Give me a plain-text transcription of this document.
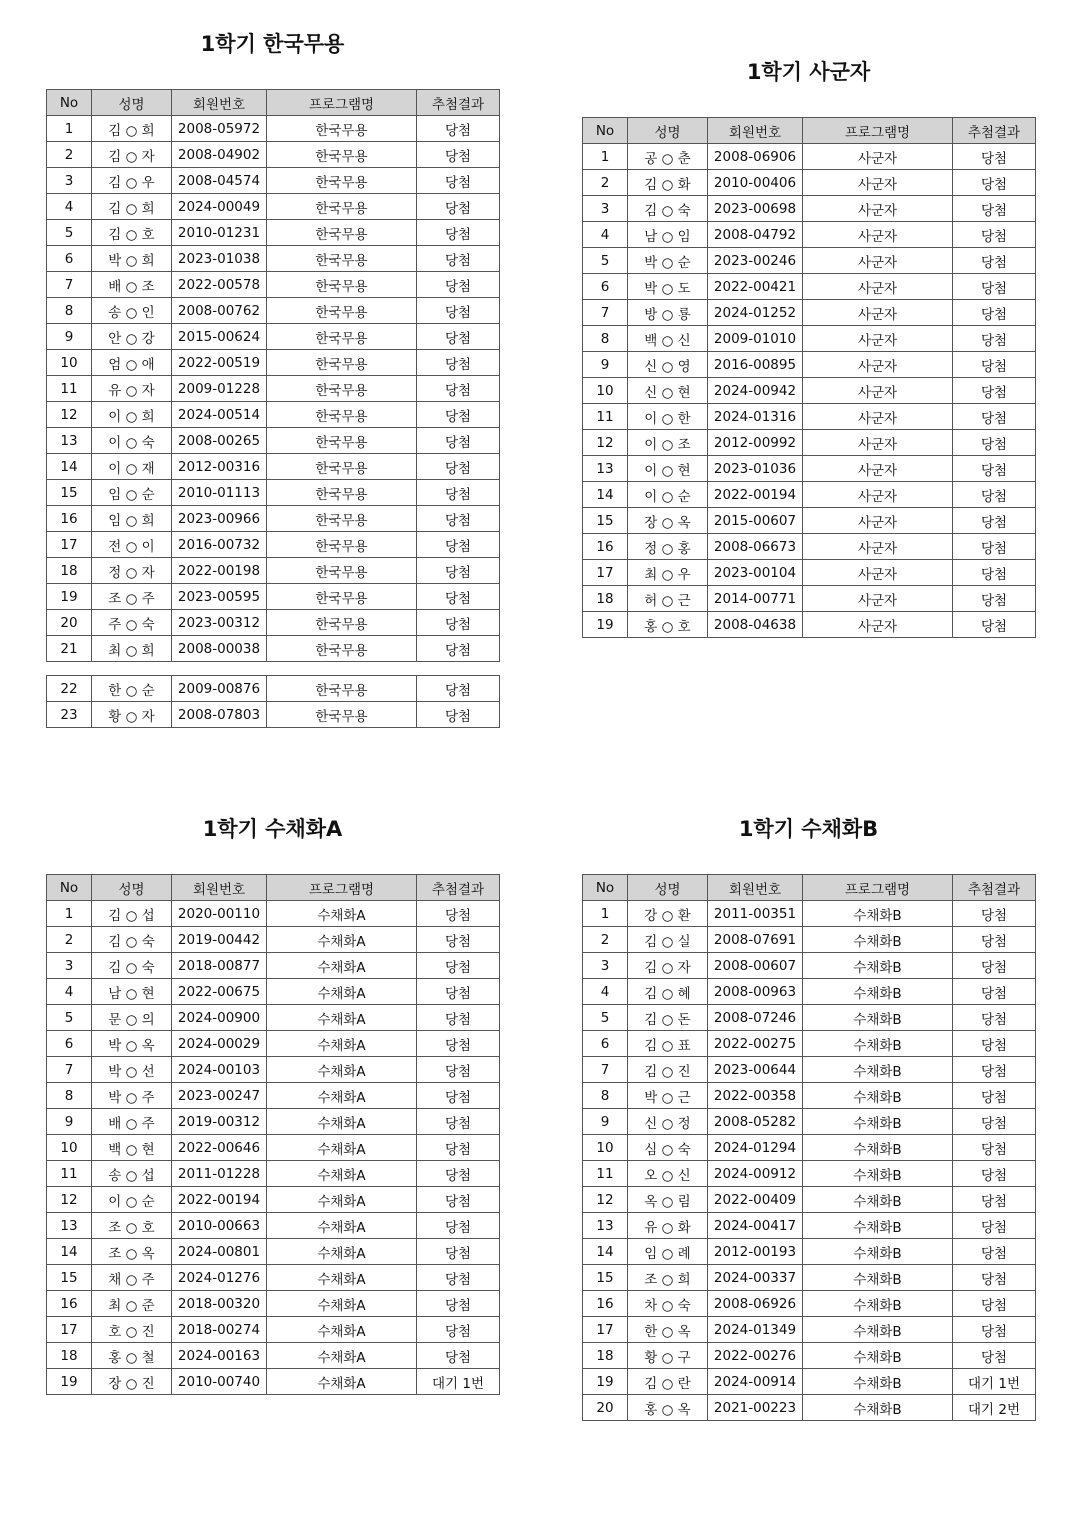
1학기 한국무용
No	성명	회원번호	프로그램명	추첨결과
1	김 ○ 희	2008-05972	한국무용	당첨
2	김 ○ 자	2008-04902	한국무용	당첨
3	김 ○ 우	2008-04574	한국무용	당첨
4	김 ○ 희	2024-00049	한국무용	당첨
5	김 ○ 호	2010-01231	한국무용	당첨
6	박 ○ 희	2023-01038	한국무용	당첨
7	배 ○ 조	2022-00578	한국무용	당첨
8	송 ○ 인	2008-00762	한국무용	당첨
9	안 ○ 강	2015-00624	한국무용	당첨
10	엄 ○ 애	2022-00519	한국무용	당첨
11	유 ○ 자	2009-01228	한국무용	당첨
12	이 ○ 희	2024-00514	한국무용	당첨
13	이 ○ 숙	2008-00265	한국무용	당첨
14	이 ○ 재	2012-00316	한국무용	당첨
15	임 ○ 순	2010-01113	한국무용	당첨
16	임 ○ 희	2023-00966	한국무용	당첨
17	전 ○ 이	2016-00732	한국무용	당첨
18	정 ○ 자	2022-00198	한국무용	당첨
19	조 ○ 주	2023-00595	한국무용	당첨
20	주 ○ 숙	2023-00312	한국무용	당첨
21	최 ○ 희	2008-00038	한국무용	당첨

22	한 ○ 순	2009-00876	한국무용	당첨
23	황 ○ 자	2008-07803	한국무용	당첨
1학기 사군자
No	성명	회원번호	프로그램명	추첨결과
1	공 ○ 춘	2008-06906	사군자	당첨
2	김 ○ 화	2010-00406	사군자	당첨
3	김 ○ 숙	2023-00698	사군자	당첨
4	남 ○ 임	2008-04792	사군자	당첨
5	박 ○ 순	2023-00246	사군자	당첨
6	박 ○ 도	2022-00421	사군자	당첨
7	방 ○ 룡	2024-01252	사군자	당첨
8	백 ○ 신	2009-01010	사군자	당첨
9	신 ○ 영	2016-00895	사군자	당첨
10	신 ○ 현	2024-00942	사군자	당첨
11	이 ○ 한	2024-01316	사군자	당첨
12	이 ○ 조	2012-00992	사군자	당첨
13	이 ○ 현	2023-01036	사군자	당첨
14	이 ○ 순	2022-00194	사군자	당첨
15	장 ○ 옥	2015-00607	사군자	당첨
16	정 ○ 홍	2008-06673	사군자	당첨
17	최 ○ 우	2023-00104	사군자	당첨
18	허 ○ 근	2014-00771	사군자	당첨
19	홍 ○ 호	2008-04638	사군자	당첨
1학기 수채화A
No	성명	회원번호	프로그램명	추첨결과
1	김 ○ 섭	2020-00110	수채화A	당첨
2	김 ○ 숙	2019-00442	수채화A	당첨
3	김 ○ 숙	2018-00877	수채화A	당첨
4	남 ○ 현	2022-00675	수채화A	당첨
5	문 ○ 의	2024-00900	수채화A	당첨
6	박 ○ 옥	2024-00029	수채화A	당첨
7	박 ○ 선	2024-00103	수채화A	당첨
8	박 ○ 주	2023-00247	수채화A	당첨
9	배 ○ 주	2019-00312	수채화A	당첨
10	백 ○ 현	2022-00646	수채화A	당첨
11	송 ○ 섭	2011-01228	수채화A	당첨
12	이 ○ 순	2022-00194	수채화A	당첨
13	조 ○ 호	2010-00663	수채화A	당첨
14	조 ○ 옥	2024-00801	수채화A	당첨
15	채 ○ 주	2024-01276	수채화A	당첨
16	최 ○ 준	2018-00320	수채화A	당첨
17	호 ○ 진	2018-00274	수채화A	당첨
18	홍 ○ 철	2024-00163	수채화A	당첨
19	장 ○ 진	2010-00740	수채화A	대기 1번
1학기 수채화B
No	성명	회원번호	프로그램명	추첨결과
1	강 ○ 환	2011-00351	수채화B	당첨
2	김 ○ 실	2008-07691	수채화B	당첨
3	김 ○ 자	2008-00607	수채화B	당첨
4	김 ○ 혜	2008-00963	수채화B	당첨
5	김 ○ 돈	2008-07246	수채화B	당첨
6	김 ○ 표	2022-00275	수채화B	당첨
7	김 ○ 진	2023-00644	수채화B	당첨
8	박 ○ 근	2022-00358	수채화B	당첨
9	신 ○ 정	2008-05282	수채화B	당첨
10	심 ○ 숙	2024-01294	수채화B	당첨
11	오 ○ 신	2024-00912	수채화B	당첨
12	옥 ○ 림	2022-00409	수채화B	당첨
13	유 ○ 화	2024-00417	수채화B	당첨
14	임 ○ 례	2012-00193	수채화B	당첨
15	조 ○ 희	2024-00337	수채화B	당첨
16	차 ○ 숙	2008-06926	수채화B	당첨
17	한 ○ 옥	2024-01349	수채화B	당첨
18	황 ○ 구	2022-00276	수채화B	당첨
19	김 ○ 란	2024-00914	수채화B	대기 1번
20	홍 ○ 옥	2021-00223	수채화B	대기 2번
